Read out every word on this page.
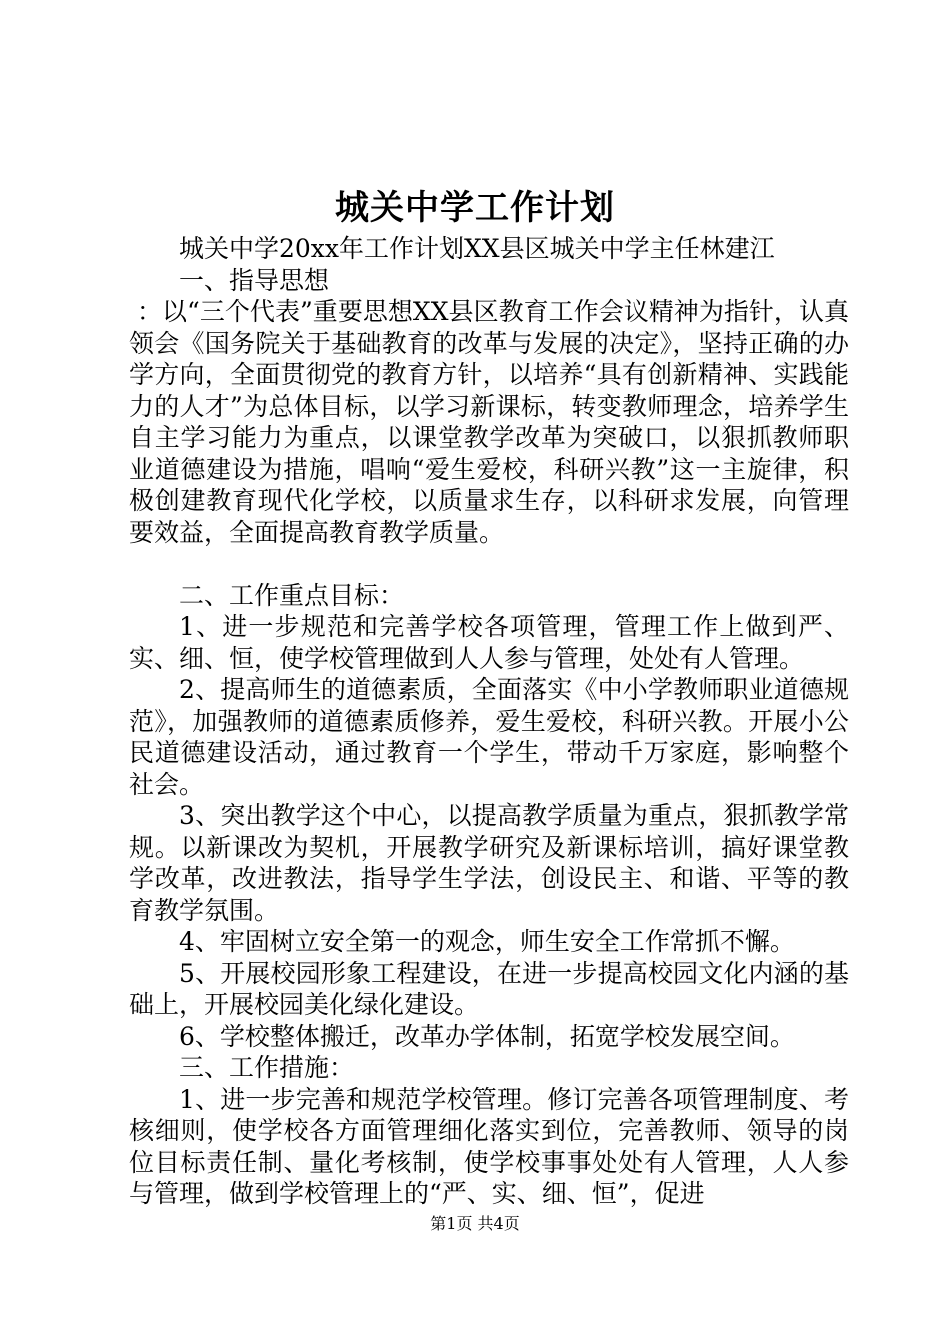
城关中学工作计划

城关中学20xx年工作计划XX县区城关中学主任林建江

一、指导思想

：以“三个代表”重要思想XX县区教育工作会议精神为指针，认真领会《国务院关于基础教育的改革与发展的决定》，坚持正确的办学方向，全面贯彻党的教育方针，以培养“具有创新精神、实践能力的人才”为总体目标，以学习新课标，转变教师理念，培养学生自主学习能力为重点，以课堂教学改革为突破口，以狠抓教师职业道德建设为措施，唱响“爱生爱校，科研兴教”这一主旋律，积极创建教育现代化学校，以质量求生存，以科研求发展，向管理要效益，全面提高教育教学质量。

二、工作重点目标：

1、进一步规范和完善学校各项管理，管理工作上做到严、实、细、恒，使学校管理做到人人参与管理，处处有人管理。

2、提高师生的道德素质，全面落实《中小学教师职业道德规范》，加强教师的道德素质修养，爱生爱校，科研兴教。开展小公民道德建设活动，通过教育一个学生，带动千万家庭，影响整个社会。

3、突出教学这个中心，以提高教学质量为重点，狠抓教学常规。以新课改为契机，开展教学研究及新课标培训，搞好课堂教学改革，改进教法，指导学生学法，创设民主、和谐、平等的教育教学氛围。

4、牢固树立安全第一的观念，师生安全工作常抓不懈。

5、开展校园形象工程建设，在进一步提高校园文化内涵的基础上，开展校园美化绿化建设。

6、学校整体搬迁，改革办学体制，拓宽学校发展空间。

三、工作措施：

1、进一步完善和规范学校管理。修订完善各项管理制度、考核细则，使学校各方面管理细化落实到位，完善教师、领导的岗位目标责任制、量化考核制，使学校事事处处有人管理，人人参与管理，做到学校管理上的“严、实、细、恒”，促进

第1页 共4页
